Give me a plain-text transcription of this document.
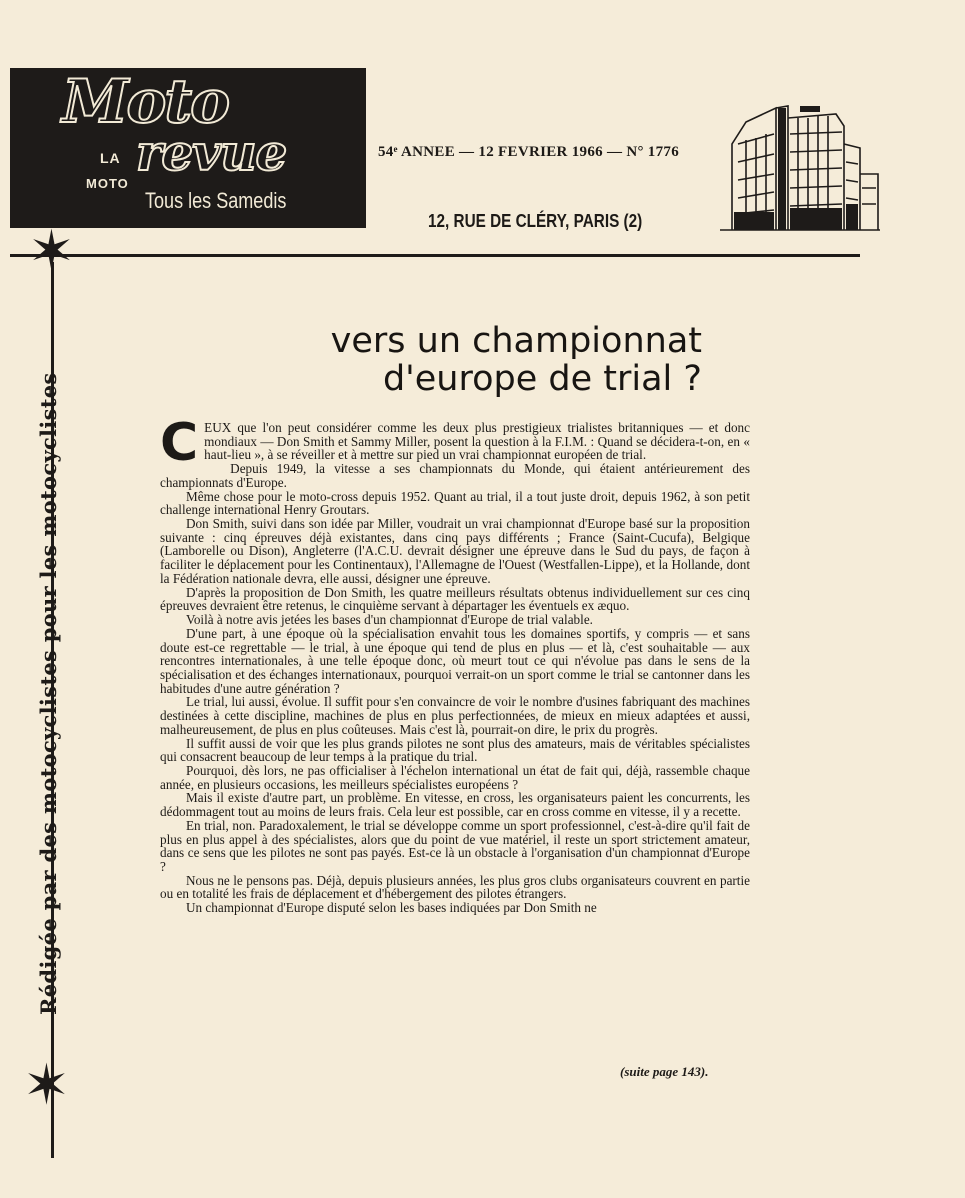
Moto
LA revue
MOTO
Tous les Samedis
54ᵉ ANNEE — 12 FEVRIER 1966 — N° 1776
12, RUE DE CLÉRY, PARIS (2)
✶
✶
Rédigée par des motocyclistes pour les motocyclistes
vers un championnat
d'europe de trial ?

CEUX que l'on peut considérer comme les deux plus prestigieux trialistes britanniques — et donc mondiaux — Don Smith et Sammy Miller, posent la question à la F.I.M. : Quand se décidera-t-on, en « haut-lieu », à se réveiller et à mettre sur pied un vrai championnat européen de trial.

Depuis 1949, la vitesse a ses championnats du Monde, qui étaient antérieurement des championnats d'Europe.

Même chose pour le moto-cross depuis 1952. Quant au trial, il a tout juste droit, depuis 1962, à son petit challenge international Henry Groutars.

Don Smith, suivi dans son idée par Miller, voudrait un vrai championnat d'Europe basé sur la proposition suivante : cinq épreuves déjà existantes, dans cinq pays différents ; France (Saint-Cucufa), Belgique (Lamborelle ou Dison), Angleterre (l'A.C.U. devrait désigner une épreuve dans le Sud du pays, de façon à faciliter le déplacement pour les Continentaux), l'Allemagne de l'Ouest (Westfallen-Lippe), et la Hollande, dont la Fédération nationale devra, elle aussi, désigner une épreuve.

D'après la proposition de Don Smith, les quatre meilleurs résultats obtenus individuellement sur ces cinq épreuves devraient être retenus, le cinquième servant à départager les éventuels ex æquo.

Voilà à notre avis jetées les bases d'un championnat d'Europe de trial valable.

D'une part, à une époque où la spécialisation envahit tous les domaines sportifs, y compris — et sans doute est-ce regrettable — le trial, à une époque qui tend de plus en plus — et là, c'est souhaitable — aux rencontres internationales, à une telle époque donc, où meurt tout ce qui n'évolue pas dans le sens de la spécialisation et des échanges internationaux, pourquoi verrait-on un sport comme le trial se cantonner dans les habitudes d'une autre génération ?

Le trial, lui aussi, évolue. Il suffit pour s'en convaincre de voir le nombre d'usines fabriquant des machines destinées à cette discipline, machines de plus en plus perfectionnées, de mieux en mieux adaptées et aussi, malheureusement, de plus en plus coûteuses. Mais c'est là, pourrait-on dire, le prix du progrès.

Il suffit aussi de voir que les plus grands pilotes ne sont plus des amateurs, mais de véritables spécialistes qui consacrent beaucoup de leur temps à la pratique du trial.

Pourquoi, dès lors, ne pas officialiser à l'échelon international un état de fait qui, déjà, rassemble chaque année, en plusieurs occasions, les meilleurs spécialistes européens ?

Mais il existe d'autre part, un problème. En vitesse, en cross, les organisateurs paient les concurrents, les dédommagent tout au moins de leurs frais. Cela leur est possible, car en cross comme en vitesse, il y a recette.

En trial, non. Paradoxalement, le trial se développe comme un sport professionnel, c'est-à-dire qu'il fait de plus en plus appel à des spécialistes, alors que du point de vue matériel, il reste un sport strictement amateur, dans ce sens que les pilotes ne sont pas payés. Est-ce là un obstacle à l'organisation d'un championnat d'Europe ?

Nous ne le pensons pas. Déjà, depuis plusieurs années, les plus gros clubs organisateurs couvrent en partie ou en totalité les frais de déplacement et d'hébergement des pilotes étrangers.

Un championnat d'Europe disputé selon les bases indiquées par Don Smith ne

(suite page 143).
